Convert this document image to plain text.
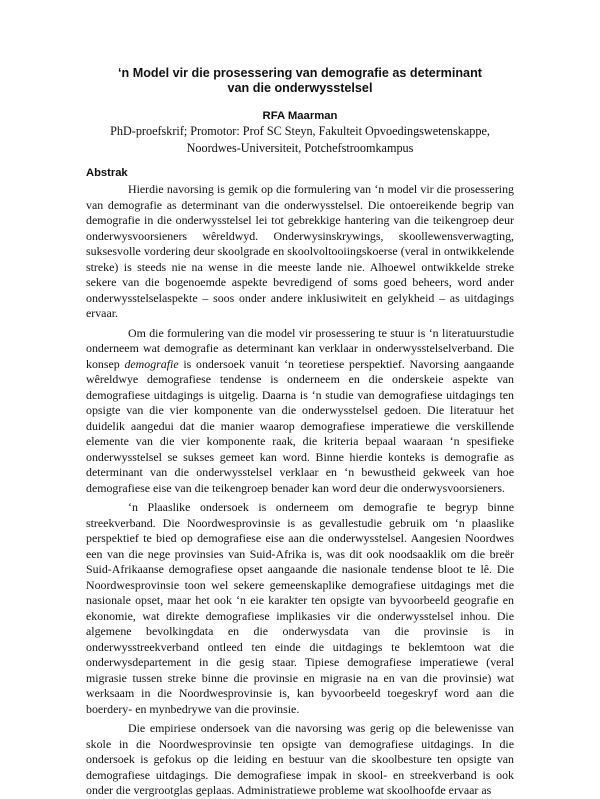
‘n Model vir die prosessering van demografie as determinant
van die onderwysstelsel

RFA Maarman

PhD-proefskrif; Promotor: Prof SC Steyn, Fakulteit Opvoedingswetenskappe,
Noordwes-Universiteit, Potchefstroomkampus

Abstrak

Hierdie navorsing is gemik op die formulering van ‘n model vir die prosessering van demografie as determinant van die onderwysstelsel. Die ontoereikende begrip van demografie in die onderwysstelsel lei tot gebrekkige hantering van die teikengroep deur onderwysvoorsieners wêreldwyd. Onderwysinskrywings, skoollewensverwagting, suksesvolle vordering deur skoolgrade en skoolvoltooiingskoerse (veral in ontwikkelende streke) is steeds nie na wense in die meeste lande nie. Alhoewel ontwikkelde streke sekere van die bogenoemde aspekte bevredigend of soms goed beheers, word ander onderwysstelselaspekte – soos onder andere inklusiwiteit en gelykheid – as uitdagings ervaar.

Om die formulering van die model vir prosessering te stuur is ‘n literatuurstudie onderneem wat demografie as determinant kan verklaar in onderwysstelselverband. Die konsep demografie is ondersoek vanuit ‘n teoretiese perspektief. Navorsing aangaande wêreldwye demografiese tendense is onderneem en die onderskeie aspekte van demografiese uitdagings is uitgelig. Daarna is ‘n studie van demografiese uitdagings ten opsigte van die vier komponente van die onderwysstelsel gedoen. Die literatuur het duidelik aangedui dat die manier waarop demografiese imperatiewe die verskillende elemente van die vier komponente raak, die kriteria bepaal waaraan ‘n spesifieke onderwysstelsel se sukses gemeet kan word. Binne hierdie konteks is demografie as determinant van die onderwysstelsel verklaar en ‘n bewustheid gekweek van hoe demografiese eise van die teikengroep benader kan word deur die onderwysvoorsieners.

‘n Plaaslike ondersoek is onderneem om demografie te begryp binne streekverband. Die Noordwesprovinsie is as gevallestudie gebruik om ‘n plaaslike perspektief te bied op demografiese eise aan die onderwysstelsel. Aangesien Noordwes een van die nege provinsies van Suid-Afrika is, was dit ook noodsaaklik om die breër Suid-Afrikaanse demografiese opset aangaande die nasionale tendense bloot te lê. Die Noordwesprovinsie toon wel sekere gemeenskaplike demografiese uitdagings met die nasionale opset, maar het ook ‘n eie karakter ten opsigte van byvoorbeeld geografie en ekonomie, wat direkte demografiese implikasies vir die onderwysstelsel inhou. Die algemene bevolkingdata en die onderwysdata van die provinsie is in onderwysstreekverband ontleed ten einde die uitdagings te beklemtoon wat die onderwysdepartement in die gesig staar. Tipiese demografiese imperatiewe (veral migrasie tussen streke binne die provinsie en migrasie na en van die provinsie) wat werksaam in die Noordwesprovinsie is, kan byvoorbeeld toegeskryf word aan die boerdery- en mynbedrywe van die provinsie.

Die empiriese ondersoek van die navorsing was gerig op die belewenisse van skole in die Noordwesprovinsie ten opsigte van demografiese uitdagings. In die ondersoek is gefokus op die leiding en bestuur van die skoolbesture ten opsigte van demografiese uitdagings. Die demografiese impak in skool- en streekverband is ook onder die vergrootglas geplaas. Administratiewe probleme wat skoolhoofde ervaar as
